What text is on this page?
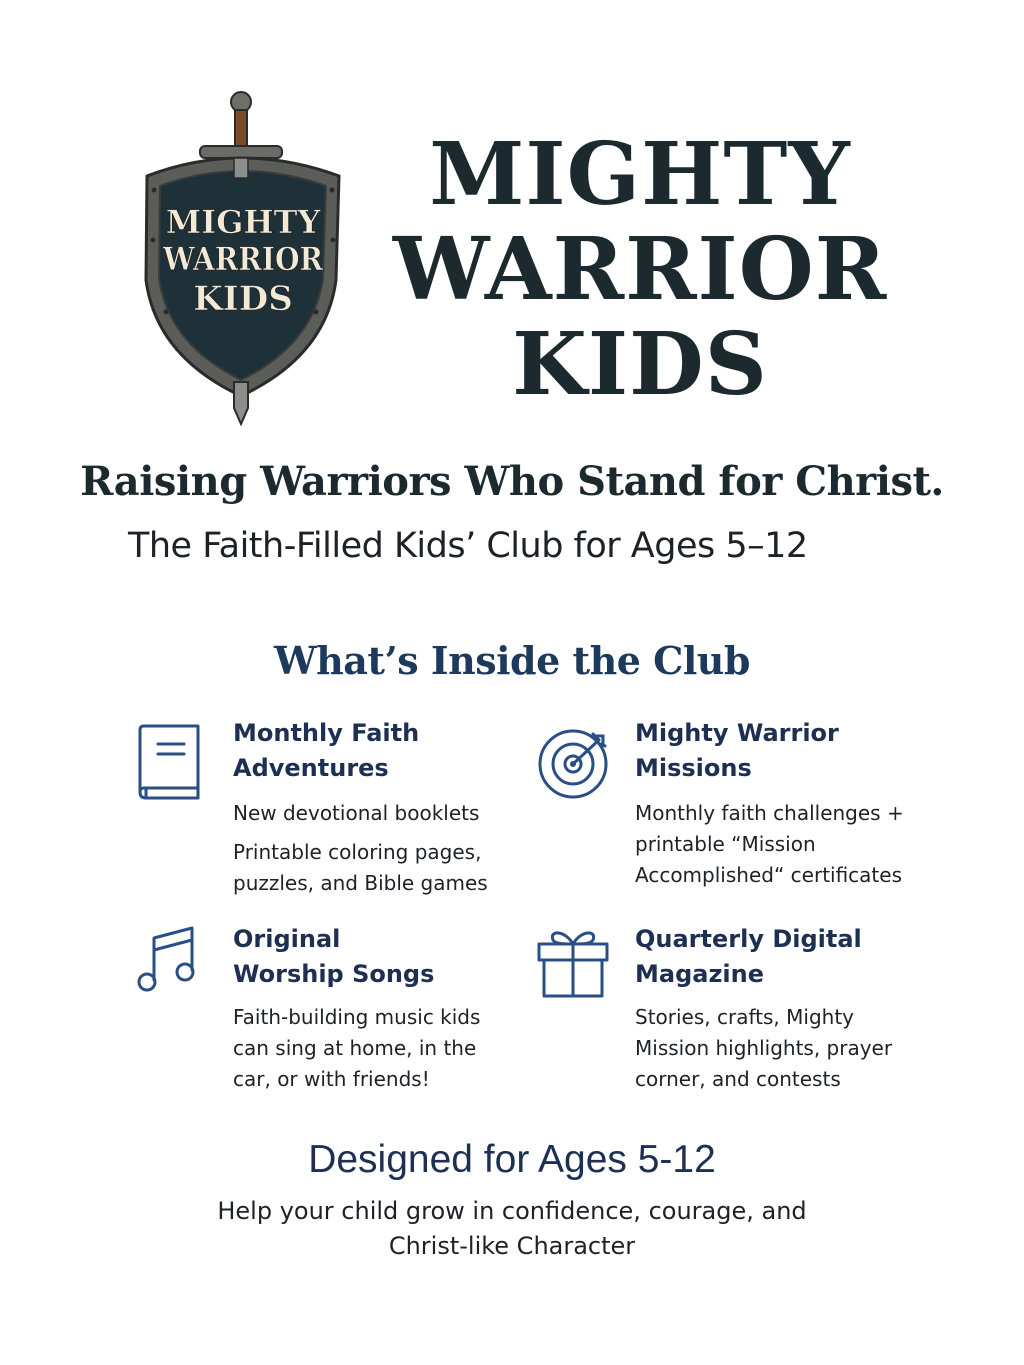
MIGHTY
WARRIOR
KIDS
MIGHTY
WARRIOR
KIDS
Raising Warriors Who Stand for Christ.
The Faith-Filled Kids’ Club for Ages 5–12
What’s Inside the Club
Monthly Faith
Adventures

New devotional booklets

Printable coloring pages, puzzles, and Bible games

Mighty Warrior
Missions

Monthly faith challenges + printable “Mission Accomplished“ certificates

Original
Worship Songs

Faith-building music kids can sing at home, in the car, or with friends!

Quarterly Digital
Magazine

Stories, crafts, Mighty Mission highlights, prayer corner, and contests

Designed for Ages 5-12
Help your child grow in confidence, courage, and Christ-like Character
